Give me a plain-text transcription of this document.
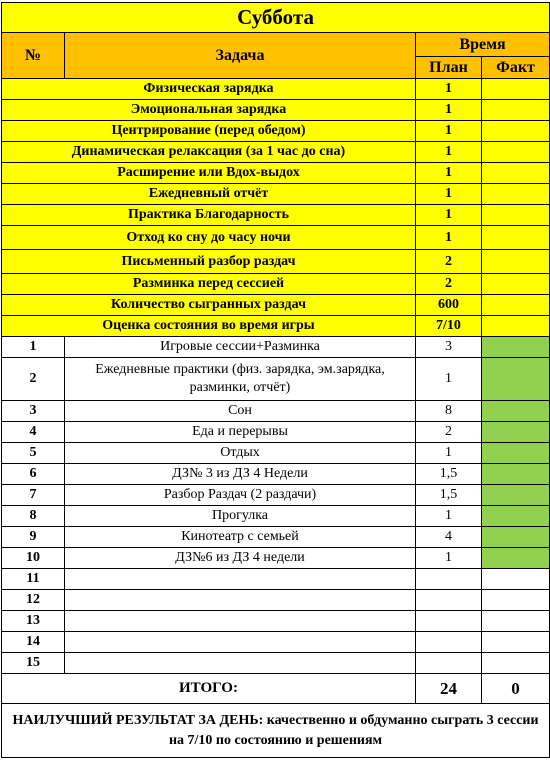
Суббота			
№	Задача	Время	
		План	Факт
Физическая зарядка		1	
Эмоциональная зарядка		1	
Центрирование (перед обедом)		1	
Динамическая релаксация (за 1 час до сна)		1	
Расширение или Вдох-выдох		1	
Ежедневный отчёт		1	
Практика Благодарность		1	
Отход ко сну до часу ночи		1	
Письменный разбор раздач		2	
Разминка перед сессией		2	
Количество сыгранных раздач		600	
Оценка состояния во время игры		7/10	
1	Игровые сессии+Разминка	3	
2	Ежедневные практики (физ. зарядка, эм.зарядка, разминки, отчёт)	1	
3	Сон	8	
4	Еда и перерывы	2	
5	Отдых	1	
6	ДЗ№ 3 из ДЗ 4 Недели	1,5	
7	Разбор Раздач (2 раздачи)	1,5	
8	Прогулка	1	
9	Кинотеатр с семьей	4	
10	ДЗ№6 из ДЗ 4 недели	1	
11			
12			
13			
14			
15			
ИТОГО:		24	0
НАИЛУЧШИЙ РЕЗУЛЬТАТ ЗА ДЕНЬ: качественно и обдуманно сыграть 3 сессии на 7/10 по состоянию и решениям			
